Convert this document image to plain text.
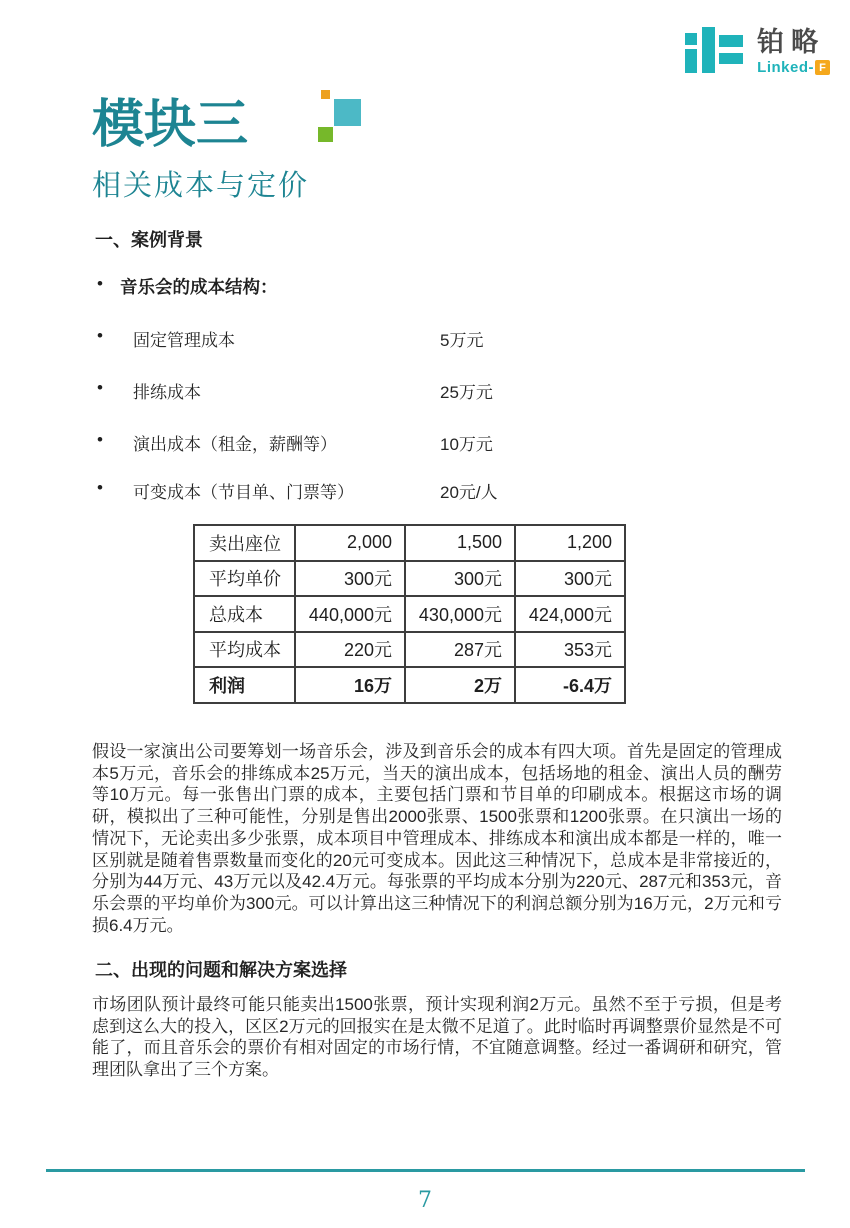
铂略
Linked- F
模块三
相关成本与定价
一、案例背景
•
音乐会的成本结构：
•
固定管理成本	5万元
•
排练成本	25万元
•
演出成本（租金，薪酬等）	10万元
•
可变成本（节目单、门票等）	20元/人
卖出座位	2,000	1,500	1,200
平均单价	300元	300元	300元
总成本	440,000元	430,000元	424,000元
平均成本	220元	287元	353元
利润	16万	2万	-6.4万
假设一家演出公司要筹划一场音乐会，涉及到音乐会的成本有四大项。首先是固定的管理成本5万元，音乐会的排练成本25万元，当天的演出成本，包括场地的租金、演出人员的酬劳等10万元。每一张售出门票的成本，主要包括门票和节目单的印刷成本。根据这市场的调研，模拟出了三种可能性，分别是售出2000张票、1500张票和1200张票。在只演出一场的情况下，无论卖出多少张票，成本项目中管理成本、排练成本和演出成本都是一样的，唯一区别就是随着售票数量而变化的20元可变成本。因此这三种情况下，总成本是非常接近的，分别为44万元、43万元以及42.4万元。每张票的平均成本分别为220元、287元和353元，音乐会票的平均单价为300元。可以计算出这三种情况下的利润总额分别为16万元，2万元和亏损6.4万元。
二、出现的问题和解决方案选择
市场团队预计最终可能只能卖出1500张票，预计实现利润2万元。虽然不至于亏损，但是考虑到这么大的投入，区区2万元的回报实在是太微不足道了。此时临时再调整票价显然是不可能了，而且音乐会的票价有相对固定的市场行情，不宜随意调整。经过一番调研和研究，管理团队拿出了三个方案。
7
